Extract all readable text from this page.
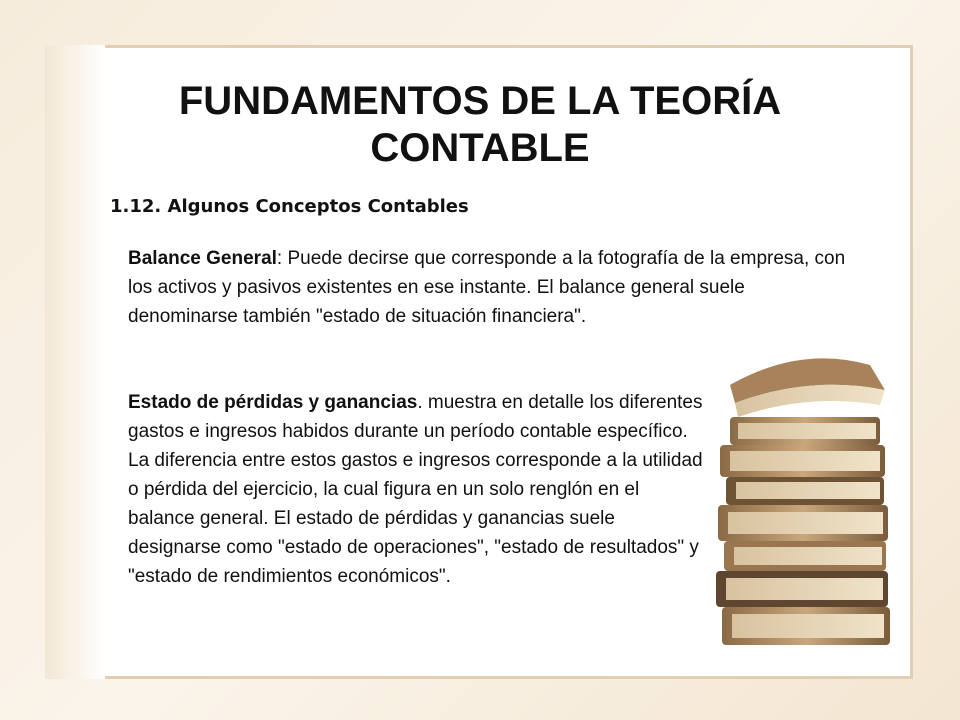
FUNDAMENTOS DE LA TEORÍA CONTABLE
1.12. Algunos Conceptos Contables
Balance General: Puede decirse que corresponde a la fotografía de la empresa, con los activos y pasivos existentes en ese instante. El balance general suele denominarse también "estado de situación financiera".
Estado de pérdidas y ganancias. muestra en detalle los diferentes gastos e ingresos habidos durante un período contable específico. La diferencia entre estos gastos e ingresos corresponde a la utilidad o pérdida del ejercicio, la cual figura en un solo renglón en el balance general. El estado de pérdidas y ganancias suele designarse como "estado de operaciones", "estado de resultados" y "estado de rendimientos económicos".
